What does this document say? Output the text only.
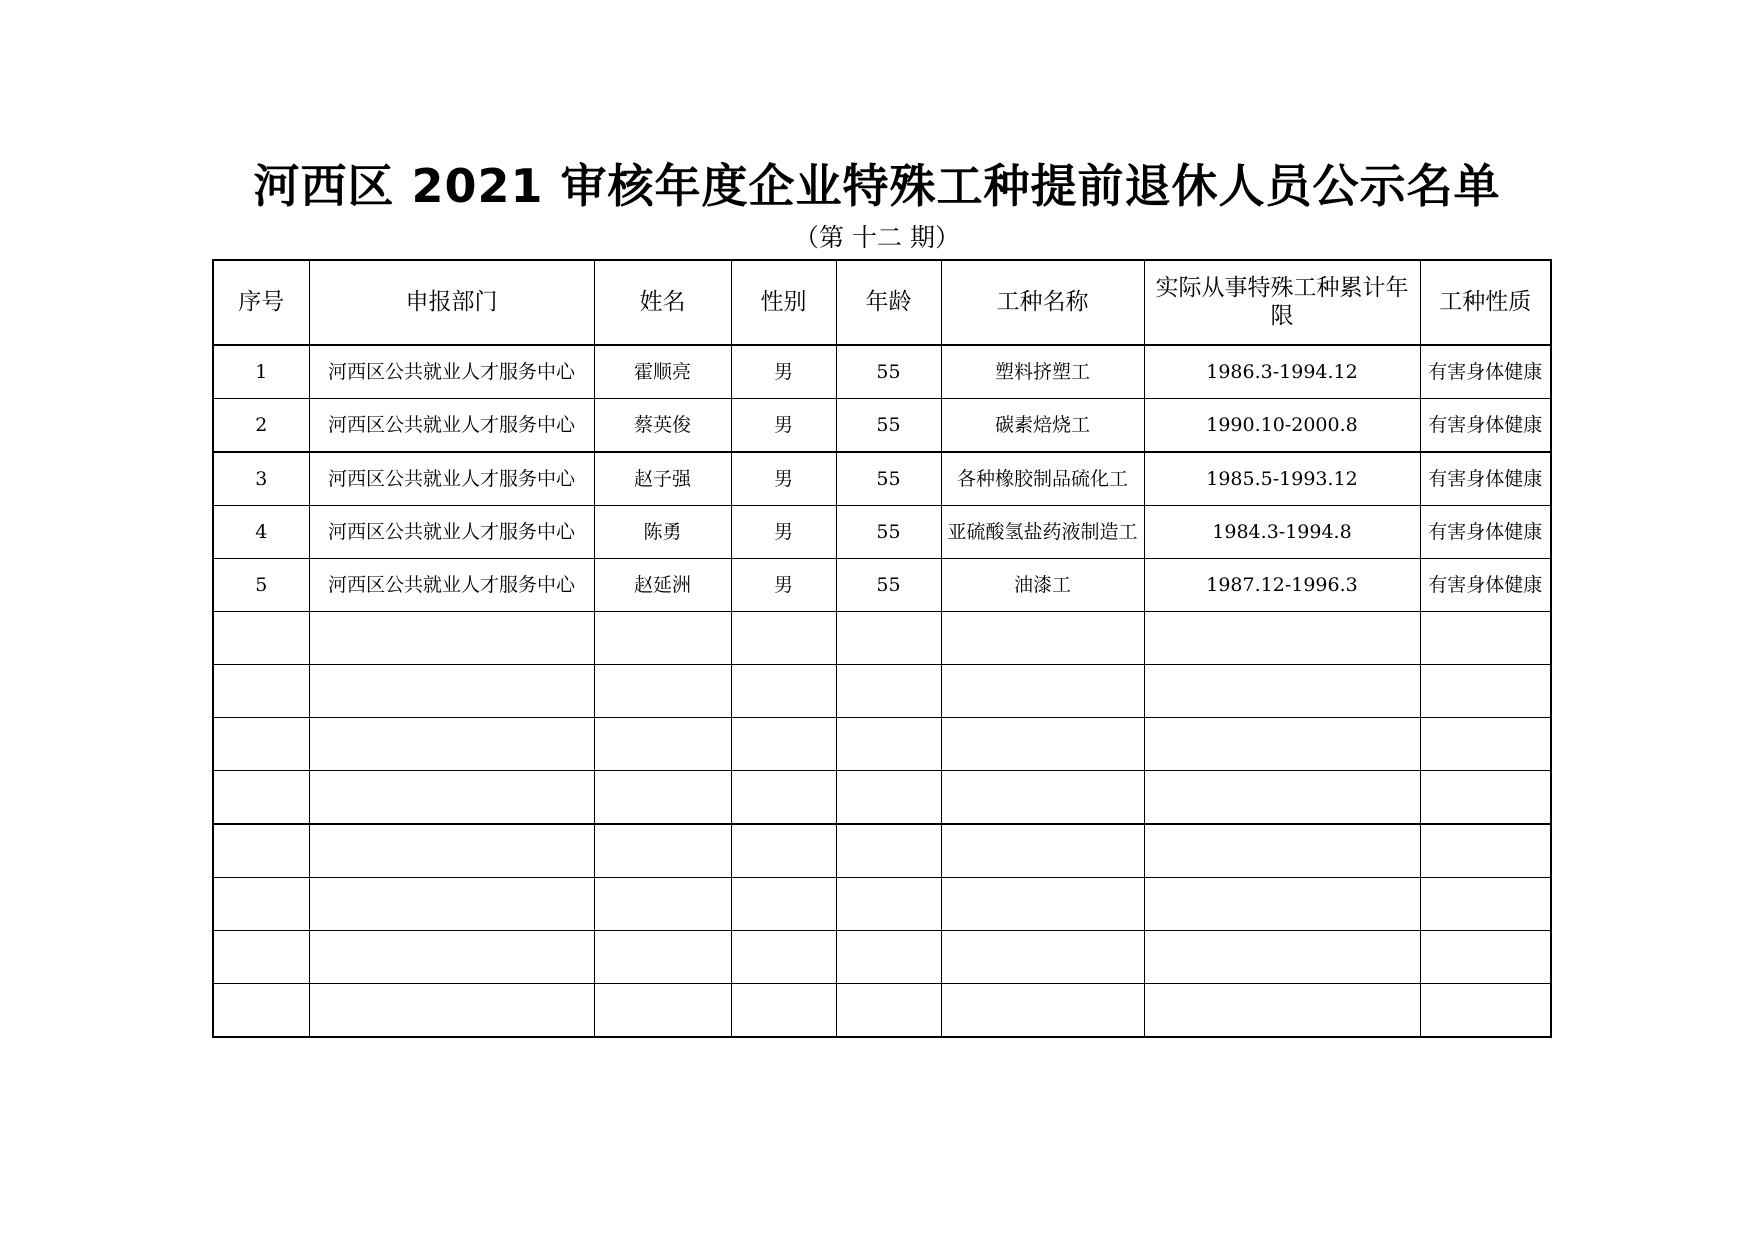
河西区 2021 审核年度企业特殊工种提前退休人员公示名单
（第 十二 期）
序号	申报部门	姓名	性别	年龄	工种名称	实际从事特殊工种累计年限	工种性质
1	河西区公共就业人才服务中心	霍顺亮	男	55	塑料挤塑工	1986.3-1994.12	有害身体健康
2	河西区公共就业人才服务中心	蔡英俊	男	55	碳素焙烧工	1990.10-2000.8	有害身体健康
3	河西区公共就业人才服务中心	赵子强	男	55	各种橡胶制品硫化工	1985.5-1993.12	有害身体健康
4	河西区公共就业人才服务中心	陈勇	男	55	亚硫酸氢盐药液制造工	1984.3-1994.8	有害身体健康
5	河西区公共就业人才服务中心	赵延洲	男	55	油漆工	1987.12-1996.3	有害身体健康
